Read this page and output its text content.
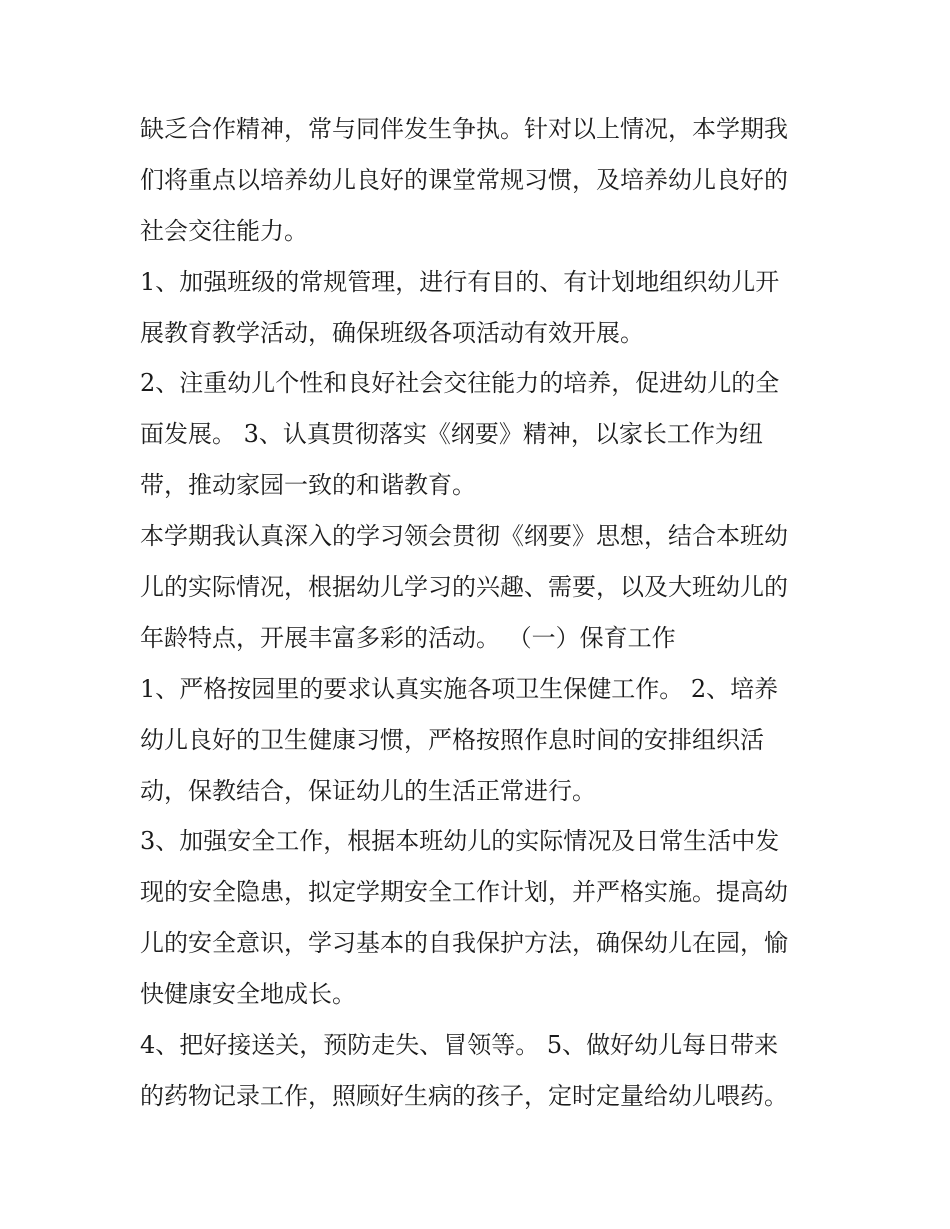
缺乏合作精神，常与同伴发生争执。针对以上情况，本学期我
们将重点以培养幼儿良好的课堂常规习惯，及培养幼儿良好的
社会交往能力。
1、加强班级的常规管理，进行有目的、有计划地组织幼儿开
展教育教学活动，确保班级各项活动有效开展。
2、注重幼儿个性和良好社会交往能力的培养，促进幼儿的全
面发展。 3、认真贯彻落实《纲要》精神，以家长工作为纽
带，推动家园一致的和谐教育。
本学期我认真深入的学习领会贯彻《纲要》思想，结合本班幼
儿的实际情况，根据幼儿学习的兴趣、需要，以及大班幼儿的
年龄特点，开展丰富多彩的活动。 （一）保育工作
1、严格按园里的要求认真实施各项卫生保健工作。 2、培养
幼儿良好的卫生健康习惯，严格按照作息时间的安排组织活
动，保教结合，保证幼儿的生活正常进行。
3、加强安全工作，根据本班幼儿的实际情况及日常生活中发
现的安全隐患，拟定学期安全工作计划，并严格实施。提高幼
儿的安全意识，学习基本的自我保护方法，确保幼儿在园，愉
快健康安全地成长。
4、把好接送关，预防走失、冒领等。 5、做好幼儿每日带来
的药物记录工作，照顾好生病的孩子，定时定量给幼儿喂药。
